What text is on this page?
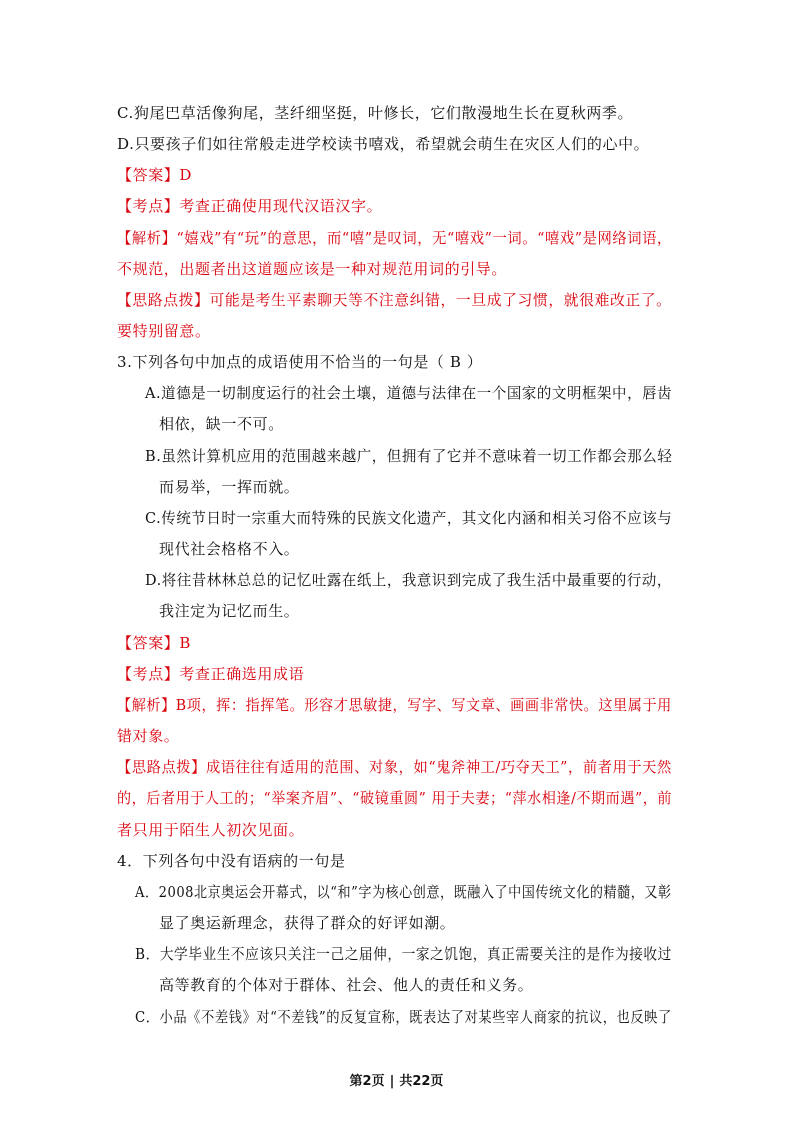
C.狗尾巴草活像狗尾，茎纤细坚挺，叶修长，它们散漫地生长在夏秋两季。
D.只要孩子们如往常般走进学校读书嘻戏，希望就会萌生在灾区人们的心中。
【答案】D
【考点】考查正确使用现代汉语汉字。
【解析】“嬉戏”有“玩”的意思，而“嘻”是叹词，无“嘻戏”一词。“嘻戏”是网络词语，
不规范，出题者出这道题应该是一种对规范用词的引导。
【思路点拨】可能是考生平素聊天等不注意纠错，一旦成了习惯，就很难改正了。
要特别留意。
3.下列各句中加点的成语使用不恰当的一句是（ B ）
A.道德是一切制度运行的社会土壤，道德与法律在一个国家的文明框架中，唇齿
相依，缺一不可。
B.虽然计算机应用的范围越来越广，但拥有了它并不意味着一切工作都会那么轻
而易举，一挥而就。
C.传统节日时一宗重大而特殊的民族文化遗产，其文化内涵和相关习俗不应该与
现代社会格格不入。
D.将往昔林林总总的记忆吐露在纸上，我意识到完成了我生活中最重要的行动，
我注定为记忆而生。
【答案】B
【考点】考查正确选用成语
【解析】B项，挥：指挥笔。形容才思敏捷，写字、写文章、画画非常快。这里属于用
错对象。
【思路点拨】成语往往有适用的范围、对象，如“鬼斧神工/巧夺天工”，前者用于天然
的，后者用于人工的；“举案齐眉”、“破镜重圆” 用于夫妻；“萍水相逢/不期而遇”，前
者只用于陌生人初次见面。
4．下列各句中没有语病的一句是
A．2008北京奥运会开幕式，以“和”字为核心创意，既融入了中国传统文化的精髓，又彰
显了奥运新理念，获得了群众的好评如潮。
B．大学毕业生不应该只关注一己之届伸，一家之饥饱，真正需要关注的是作为接收过
高等教育的个体对于群体、社会、他人的责任和义务。
C．小品《不差钱》对“不差钱”的反复宣称，既表达了对某些宰人商家的抗议，也反映了
第2页 | 共22页
